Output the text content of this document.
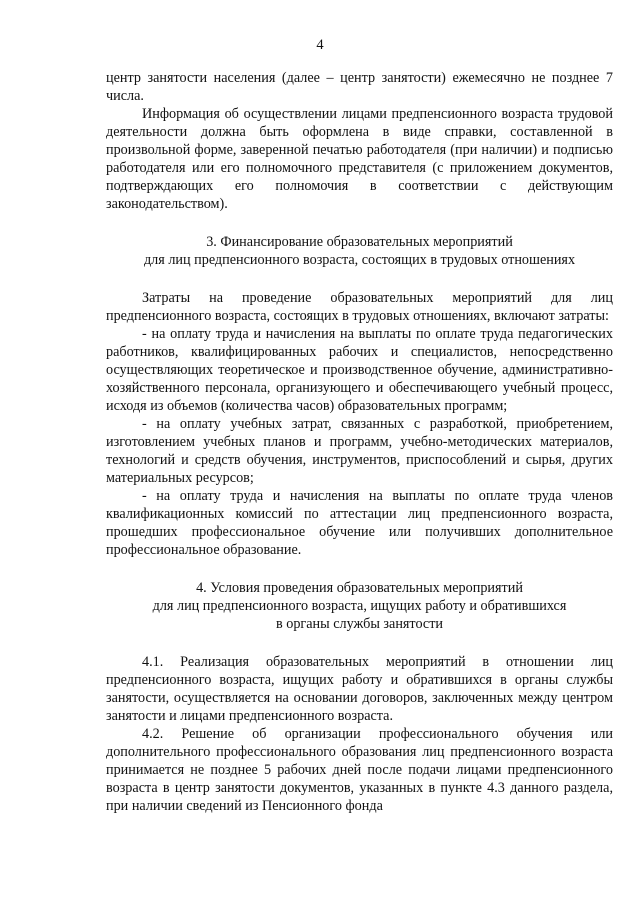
4

центр занятости населения (далее – центр занятости) ежемесячно не позднее 7 числа.

Информация об осуществлении лицами предпенсионного возраста трудовой деятельности должна быть оформлена в виде справки, составленной в произвольной форме, заверенной печатью работодателя (при наличии) и подписью работодателя или его полномочного представителя (с приложением документов, подтверждающих его полномочия в соответствии с действующим законодательством).

3. Финансирование образовательных мероприятий

для лиц предпенсионного возраста, состоящих в трудовых отношениях

Затраты на проведение образовательных мероприятий для лиц предпенсионного возраста, состоящих в трудовых отношениях, включают затраты:

- на оплату труда и начисления на выплаты по оплате труда педагогических работников, квалифицированных рабочих и специалистов, непосредственно осуществляющих теоретическое и производственное обучение, административно-хозяйственного персонала, организующего и обеспечивающего учебный процесс, исходя из объемов (количества часов) образовательных программ;

- на оплату учебных затрат, связанных с разработкой, приобретением, изготовлением учебных планов и программ, учебно-методических материалов, технологий и средств обучения, инструментов, приспособлений и сырья, других материальных ресурсов;

- на оплату труда и начисления на выплаты по оплате труда членов квалификационных комиссий по аттестации лиц предпенсионного возраста, прошедших профессиональное обучение или получивших дополнительное профессиональное образование.

4. Условия проведения образовательных мероприятий

для лиц предпенсионного возраста, ищущих работу и обратившихся

в органы службы занятости

4.1. Реализация образовательных мероприятий в отношении лиц предпенсионного возраста, ищущих работу и обратившихся в органы службы занятости, осуществляется на основании договоров, заключенных между центром занятости и лицами предпенсионного возраста.

4.2. Решение об организации профессионального обучения или дополнительного профессионального образования лиц предпенсионного возраста принимается не позднее 5 рабочих дней после подачи лицами предпенсионного возраста в центр занятости документов, указанных в пункте 4.3 данного раздела, при наличии сведений из Пенсионного фонда
